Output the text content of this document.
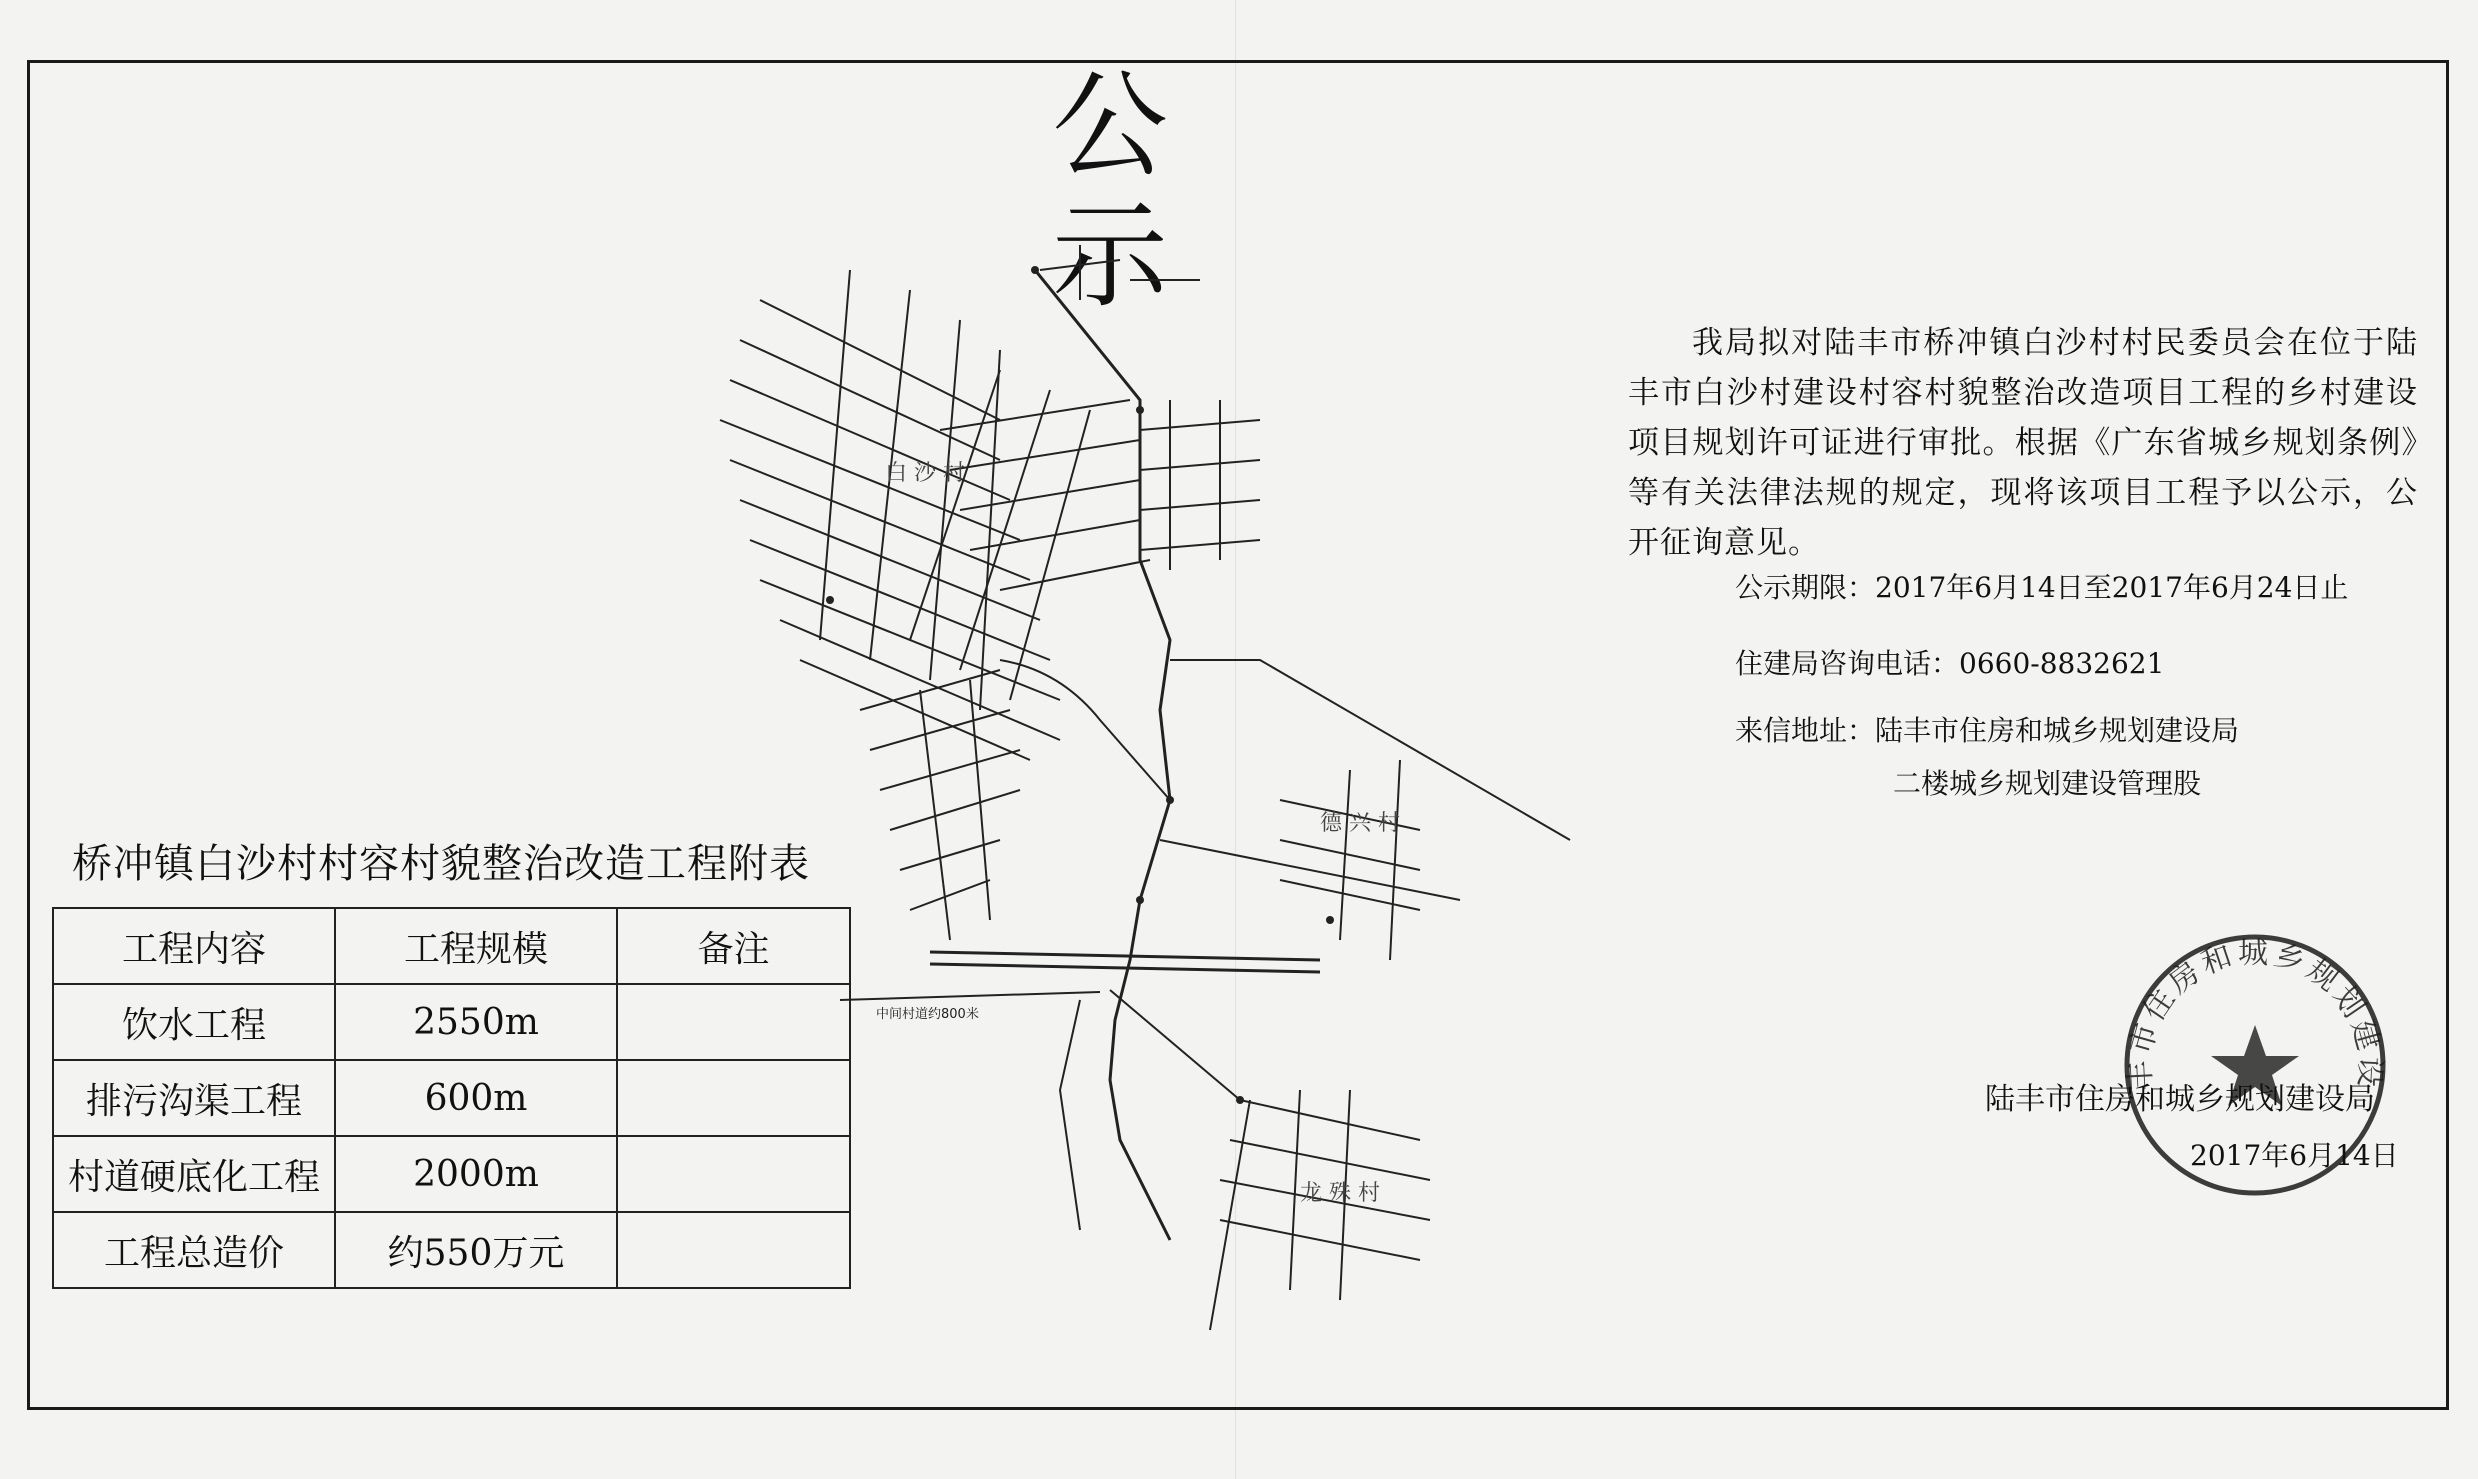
公　示
白 沙 村
德 兴 村
龙 殊 村
中间村道约800米
我局拟对陆丰市桥冲镇白沙村村民委员会在位于陆丰市白沙村建设村容村貌整治改造项目工程的乡村建设项目规划许可证进行审批。根据《广东省城乡规划条例》等有关法律法规的规定，现将该项目工程予以公示，公开征询意见。
公示期限：2017年6月14日至2017年6月24日止
住建局咨询电话：0660-8832621
来信地址：陆丰市住房和城乡规划建设局
二楼城乡规划建设管理股
桥冲镇白沙村村容村貌整治改造工程附表
工程内容	工程规模	备注
饮水工程	2550m	
排污沟渠工程	600m	
村道硬底化工程	2000m	
工程总造价	约550万元	
丰市住房和城乡规划建设
陆丰市住房和城乡规划建设局
2017年6月14日
